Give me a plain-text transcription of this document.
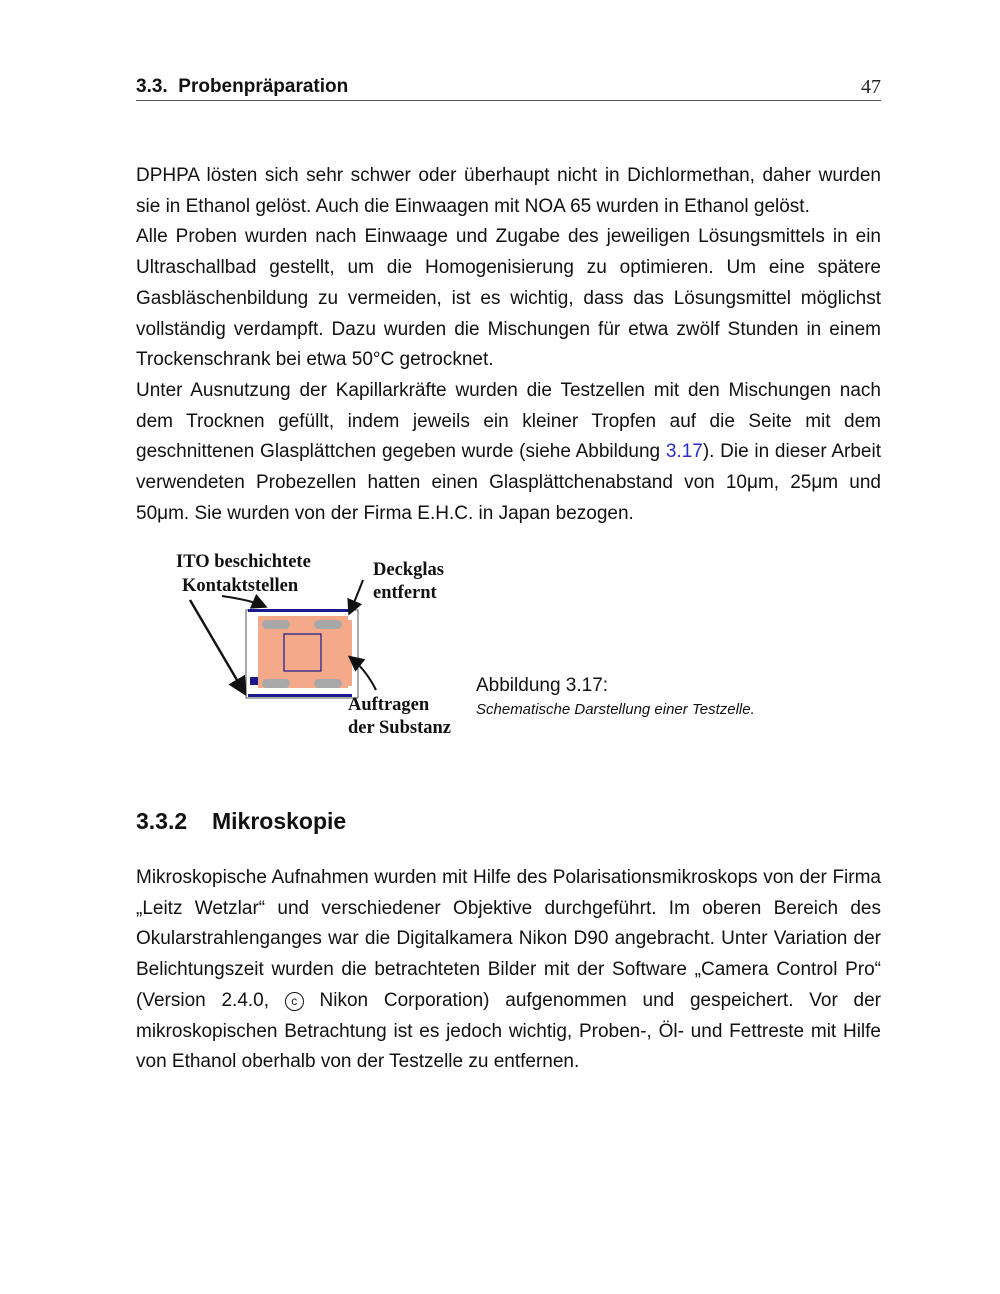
3.3. Probenpräparation	47

DPHPA lösten sich sehr schwer oder überhaupt nicht in Dichlormethan, daher wurden sie in Ethanol gelöst. Auch die Einwaagen mit NOA 65 wurden in Ethanol gelöst.

Alle Proben wurden nach Einwaage und Zugabe des jeweiligen Lösungsmittels in ein Ultraschallbad gestellt, um die Homogenisierung zu optimieren. Um eine spätere Gasbläschenbildung zu vermeiden, ist es wichtig, dass das Lösungsmittel möglichst vollständig verdampft. Dazu wurden die Mischungen für etwa zwölf Stunden in einem Trockenschrank bei etwa 50°C getrocknet.

Unter Ausnutzung der Kapillarkräfte wurden die Testzellen mit den Mischungen nach dem Trocknen gefüllt, indem jeweils ein kleiner Tropfen auf die Seite mit dem geschnittenen Glasplättchen gegeben wurde (siehe Abbildung 3.17). Die in dieser Arbeit verwendeten Probezellen hatten einen Glasplättchenabstand von 10μm, 25μm und 50μm. Sie wurden von der Firma E.H.C. in Japan bezogen.

ITO beschichtete
Kontaktstellen
Deckglas
entfernt
Auftragen
der Substanz
Abbildung 3.17:
Schematische Darstellung einer Testzelle.
3.3.2 Mikroskopie

Mikroskopische Aufnahmen wurden mit Hilfe des Polarisationsmikroskops von der Firma „Leitz Wetzlar“ und verschiedener Objektive durchgeführt. Im oberen Bereich des Okularstrahlenganges war die Digitalkamera Nikon D90 angebracht. Unter Variation der Belichtungszeit wurden die betrachteten Bilder mit der Software „Camera Control Pro“ (Version 2.4.0, c Nikon Corporation) aufgenommen und gespeichert. Vor der mikroskopischen Betrachtung ist es jedoch wichtig, Proben-, Öl- und Fettreste mit Hilfe von Ethanol oberhalb von der Testzelle zu entfernen.
